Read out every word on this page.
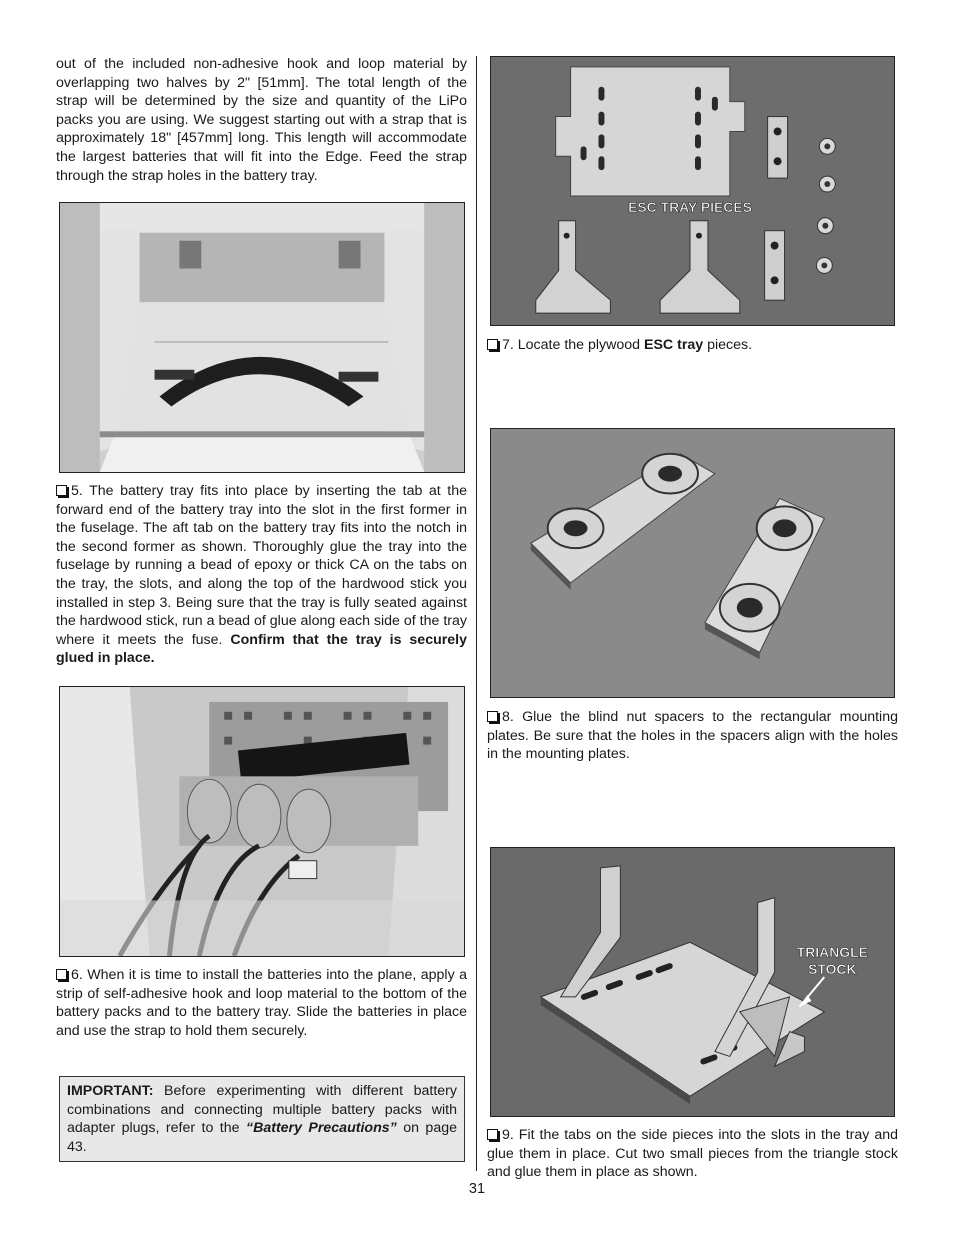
out of the included non-adhesive hook and loop material by overlapping two halves by 2" [51mm]. The total length of the strap will be determined by the size and quantity of the LiPo packs you are using. We suggest starting out with a strap that is approximately 18" [457mm] long. This length will accommodate the largest batteries that will fit into the Edge. Feed the strap through the strap holes in the battery tray.
5. The battery tray fits into place by inserting the tab at the forward end of the battery tray into the slot in the first former in the fuselage. The aft tab on the battery tray fits into the notch in the second former as shown. Thoroughly glue the tray into the fuselage by running a bead of epoxy or thick CA on the tabs on the tray, the slots, and along the top of the hardwood stick you installed in step 3. Being sure that the tray is fully seated against the hardwood stick, run a bead of glue along each side of the tray where it meets the fuse. Confirm that the tray is securely glued in place.
6. When it is time to install the batteries into the plane, apply a strip of self-adhesive hook and loop material to the bottom of the battery packs and to the battery tray. Slide the batteries in place and use the strap to hold them securely.
IMPORTANT: Before experimenting with different battery combinations and connecting multiple battery packs with adapter plugs, refer to the “Battery Precautions” on page 43.
ESC TRAY PIECES
7. Locate the plywood ESC tray pieces.
8. Glue the blind nut spacers to the rectangular mounting plates. Be sure that the holes in the spacers align with the holes in the mounting plates.
TRIANGLE
STOCK
9. Fit the tabs on the side pieces into the slots in the tray and glue them in place. Cut two small pieces from the triangle stock and glue them in place as shown.
31
